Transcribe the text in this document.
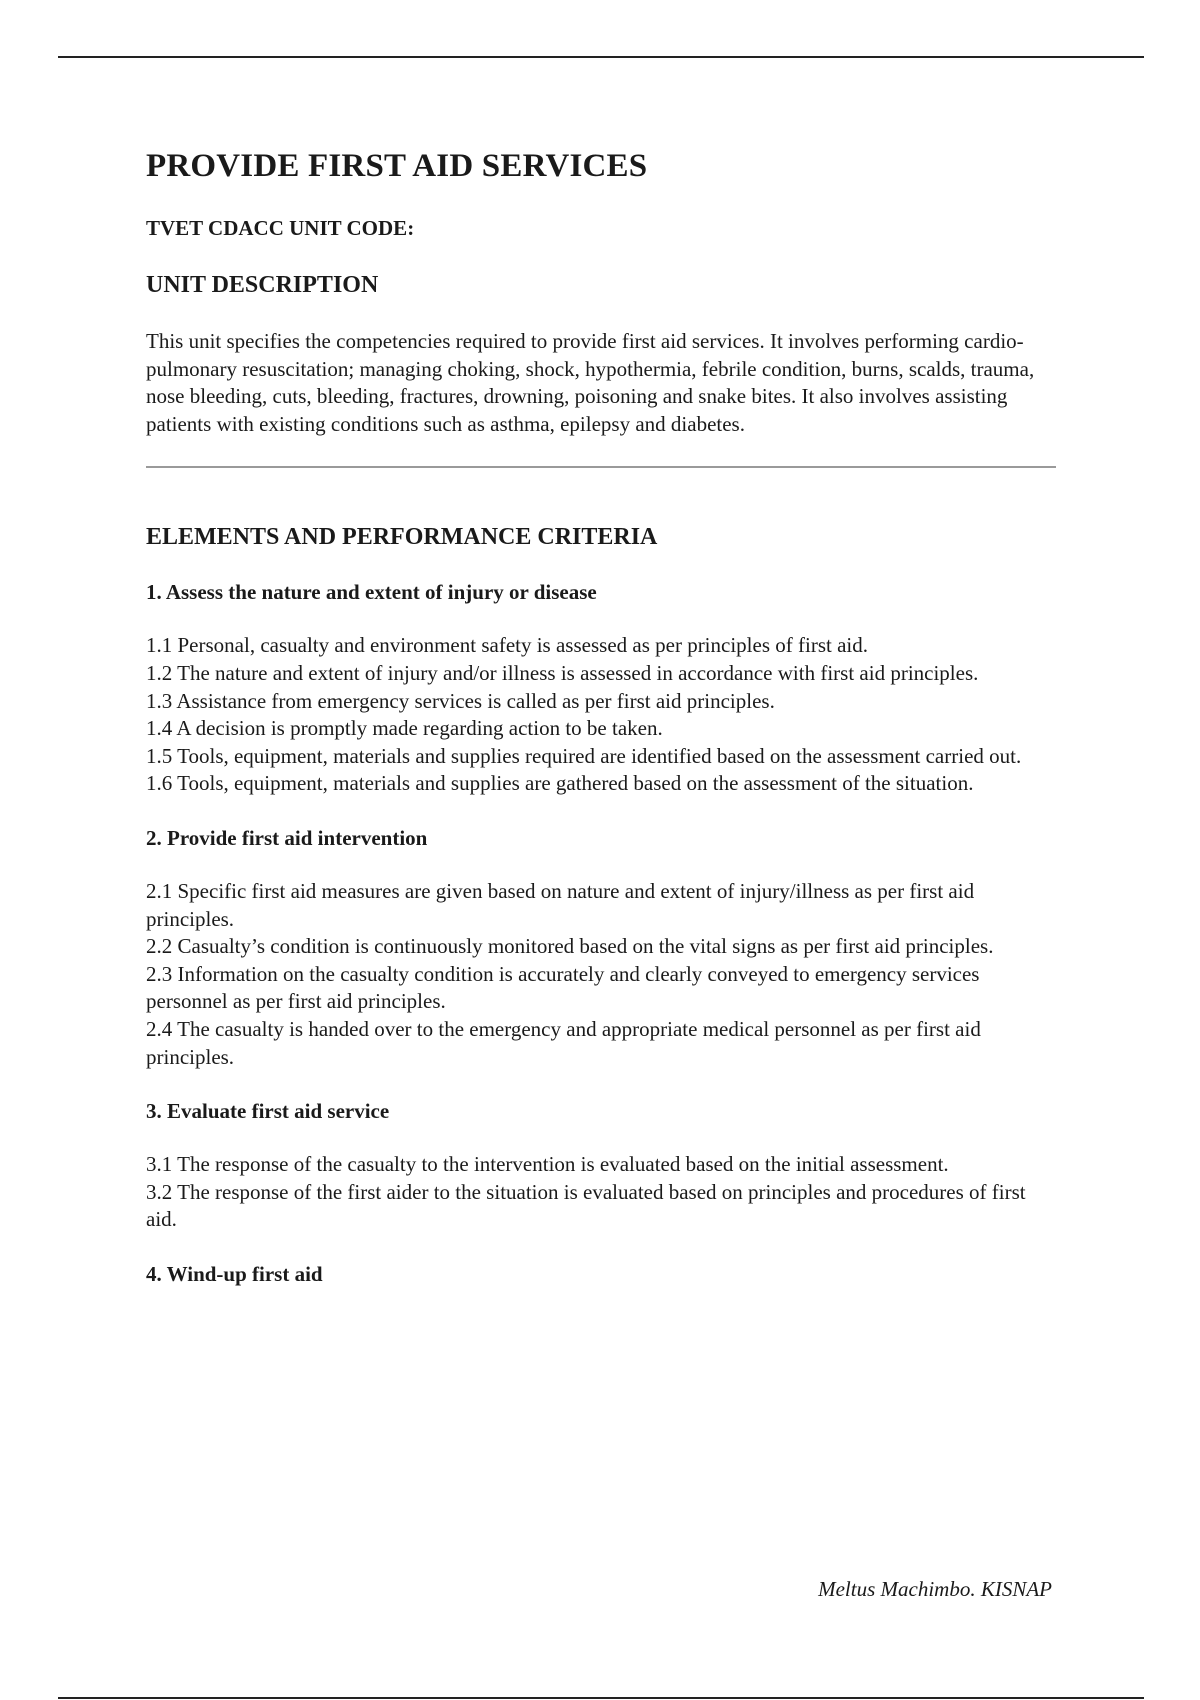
PROVIDE FIRST AID SERVICES
TVET CDACC UNIT CODE:
UNIT DESCRIPTION

This unit specifies the competencies required to provide first aid services. It involves performing cardio-pulmonary resuscitation; managing choking, shock, hypothermia, febrile condition, burns, scalds, trauma, nose bleeding, cuts, bleeding, fractures, drowning, poisoning and snake bites. It also involves assisting patients with existing conditions such as asthma, epilepsy and diabetes.

ELEMENTS AND PERFORMANCE CRITERIA
1. Assess the nature and extent of injury or disease
1.1 Personal, casualty and environment safety is assessed as per principles of first aid.
1.2 The nature and extent of injury and/or illness is assessed in accordance with first aid principles.
1.3 Assistance from emergency services is called as per first aid principles.
1.4 A decision is promptly made regarding action to be taken.
1.5 Tools, equipment, materials and supplies required are identified based on the assessment carried out.
1.6 Tools, equipment, materials and supplies are gathered based on the assessment of the situation.
2. Provide first aid intervention
2.1 Specific first aid measures are given based on nature and extent of injury/illness as per first aid principles.
2.2 Casualty’s condition is continuously monitored based on the vital signs as per first aid principles.
2.3 Information on the casualty condition is accurately and clearly conveyed to emergency services personnel as per first aid principles.
2.4 The casualty is handed over to the emergency and appropriate medical personnel as per first aid principles.
3. Evaluate first aid service
3.1 The response of the casualty to the intervention is evaluated based on the initial assessment.
3.2 The response of the first aider to the situation is evaluated based on principles and procedures of first aid.
4. Wind-up first aid
Meltus Machimbo. KISNAP
